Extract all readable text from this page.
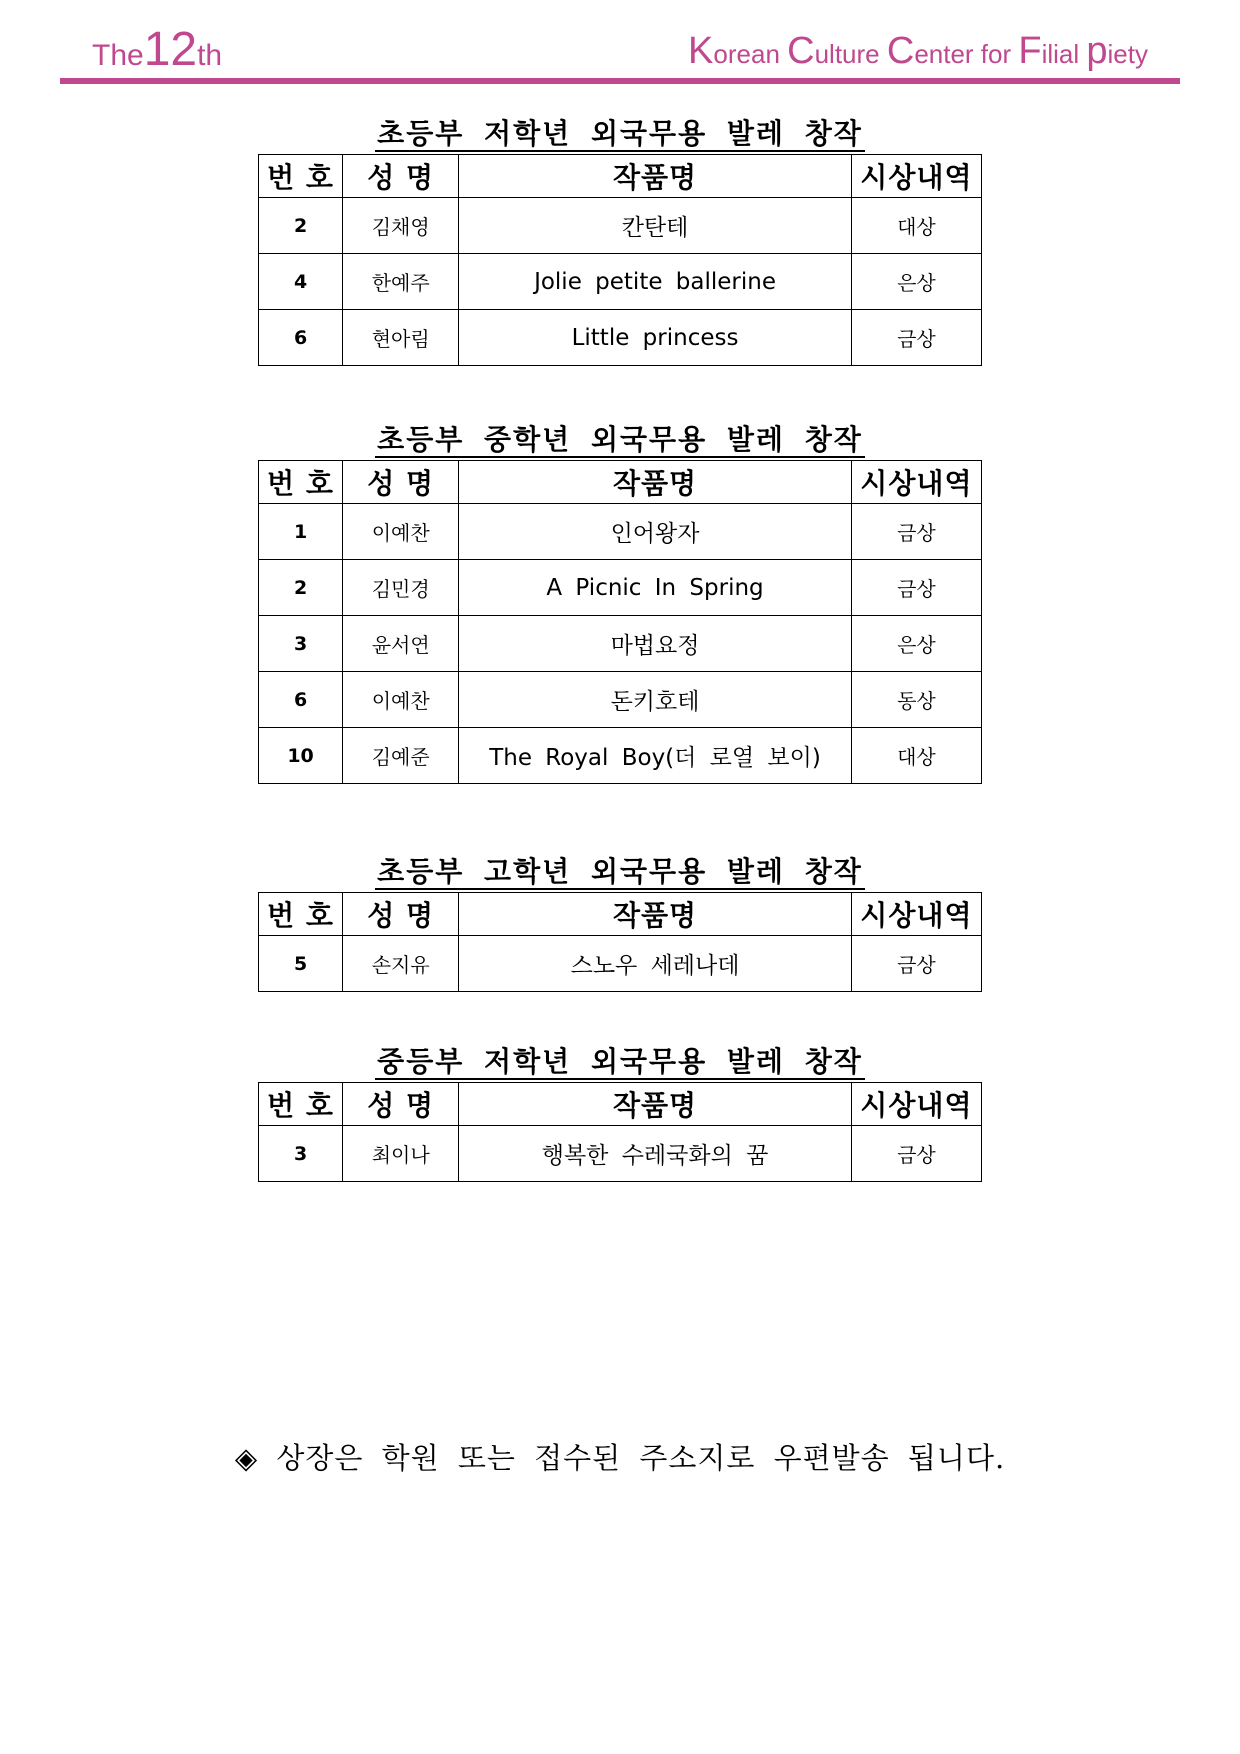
The12th	Korean Culture Center for Filial piety
초등부 저학년 외국무용 발레 창작
번 호	성 명	작품명	시상내역
2	김채영	칸탄테	대상
4	한예주	Jolie petite ballerine	은상
6	현아림	Little princess	금상
초등부 중학년 외국무용 발레 창작
번 호	성 명	작품명	시상내역
1	이예찬	인어왕자	금상
2	김민경	A Picnic In Spring	금상
3	윤서연	마법요정	은상
6	이예찬	돈키호테	동상
10	김예준	The Royal Boy(더 로열 보이)	대상
초등부 고학년 외국무용 발레 창작
번 호	성 명	작품명	시상내역
5	손지유	스노우 세레나데	금상
중등부 저학년 외국무용 발레 창작
번 호	성 명	작품명	시상내역
3	최이나	행복한 수레국화의 꿈	금상
◈ 상장은 학원 또는 접수된 주소지로 우편발송 됩니다.
